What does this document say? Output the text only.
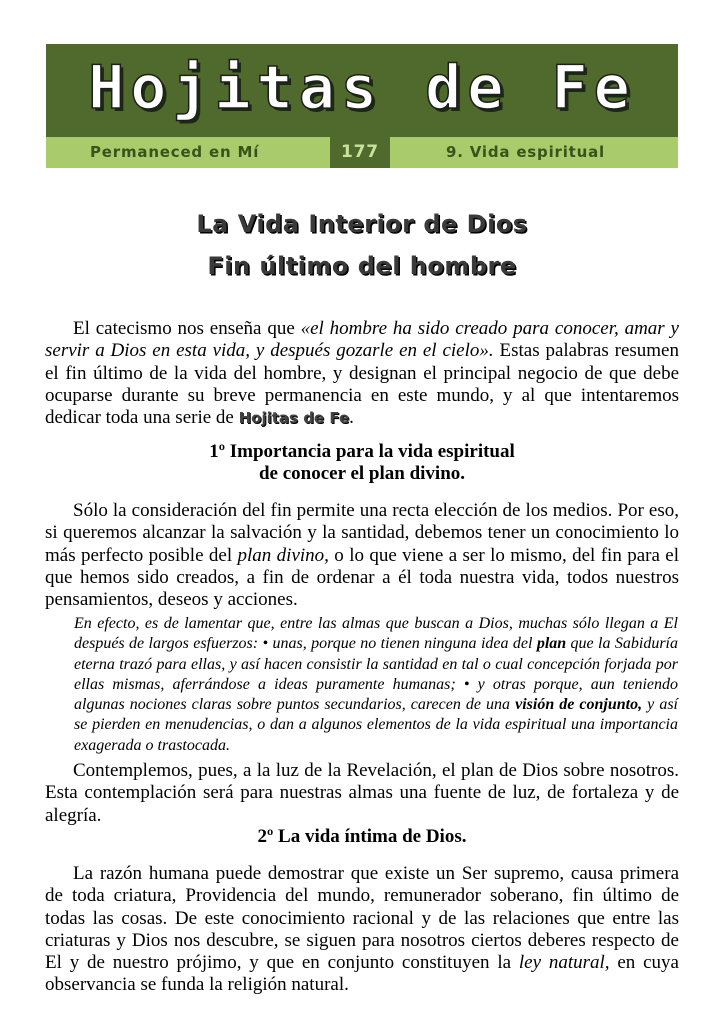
Hojitas de Fe
Permaneced en Mí	177	9. Vida espiritual
La Vida Interior de Dios
Fin último del hombre

El catecismo nos enseña que «el hombre ha sido creado para conocer, amar y servir a Dios en esta vida, y después gozarle en el cielo». Estas palabras resumen el fin último de la vida del hombre, y designan el principal negocio de que debe ocuparse durante su breve permanencia en este mundo, y al que intentaremos dedicar toda una serie de Hojitas de Fe.

1º Importancia para la vida espiritual
de conocer el plan divino.

Sólo la consideración del fin permite una recta elección de los medios. Por eso, si queremos alcanzar la salvación y la santidad, debemos tener un conocimiento lo más perfecto posible del plan divino, o lo que viene a ser lo mismo, del fin para el que hemos sido creados, a fin de ordenar a él toda nuestra vida, todos nuestros pensamientos, deseos y acciones.

En efecto, es de lamentar que, entre las almas que buscan a Dios, muchas sólo llegan a El después de largos esfuerzos: • unas, porque no tienen ninguna idea del plan que la Sabiduría eterna trazó para ellas, y así hacen consistir la santidad en tal o cual concepción forjada por ellas mismas, aferrándose a ideas puramente humanas; • y otras porque, aun teniendo algunas nociones claras sobre puntos secundarios, carecen de una visión de conjunto, y así se pierden en menudencias, o dan a algunos elementos de la vida espiritual una importancia exagerada o trastocada.

Contemplemos, pues, a la luz de la Revelación, el plan de Dios sobre nosotros. Esta contemplación será para nuestras almas una fuente de luz, de fortaleza y de alegría.

2º La vida íntima de Dios.

La razón humana puede demostrar que existe un Ser supremo, causa primera de toda criatura, Providencia del mundo, remunerador soberano, fin último de todas las cosas. De este conocimiento racional y de las relaciones que entre las criaturas y Dios nos descubre, se siguen para nosotros ciertos deberes respecto de El y de nuestro prójimo, y que en conjunto constituyen la ley natural, en cuya observancia se funda la religión natural.
